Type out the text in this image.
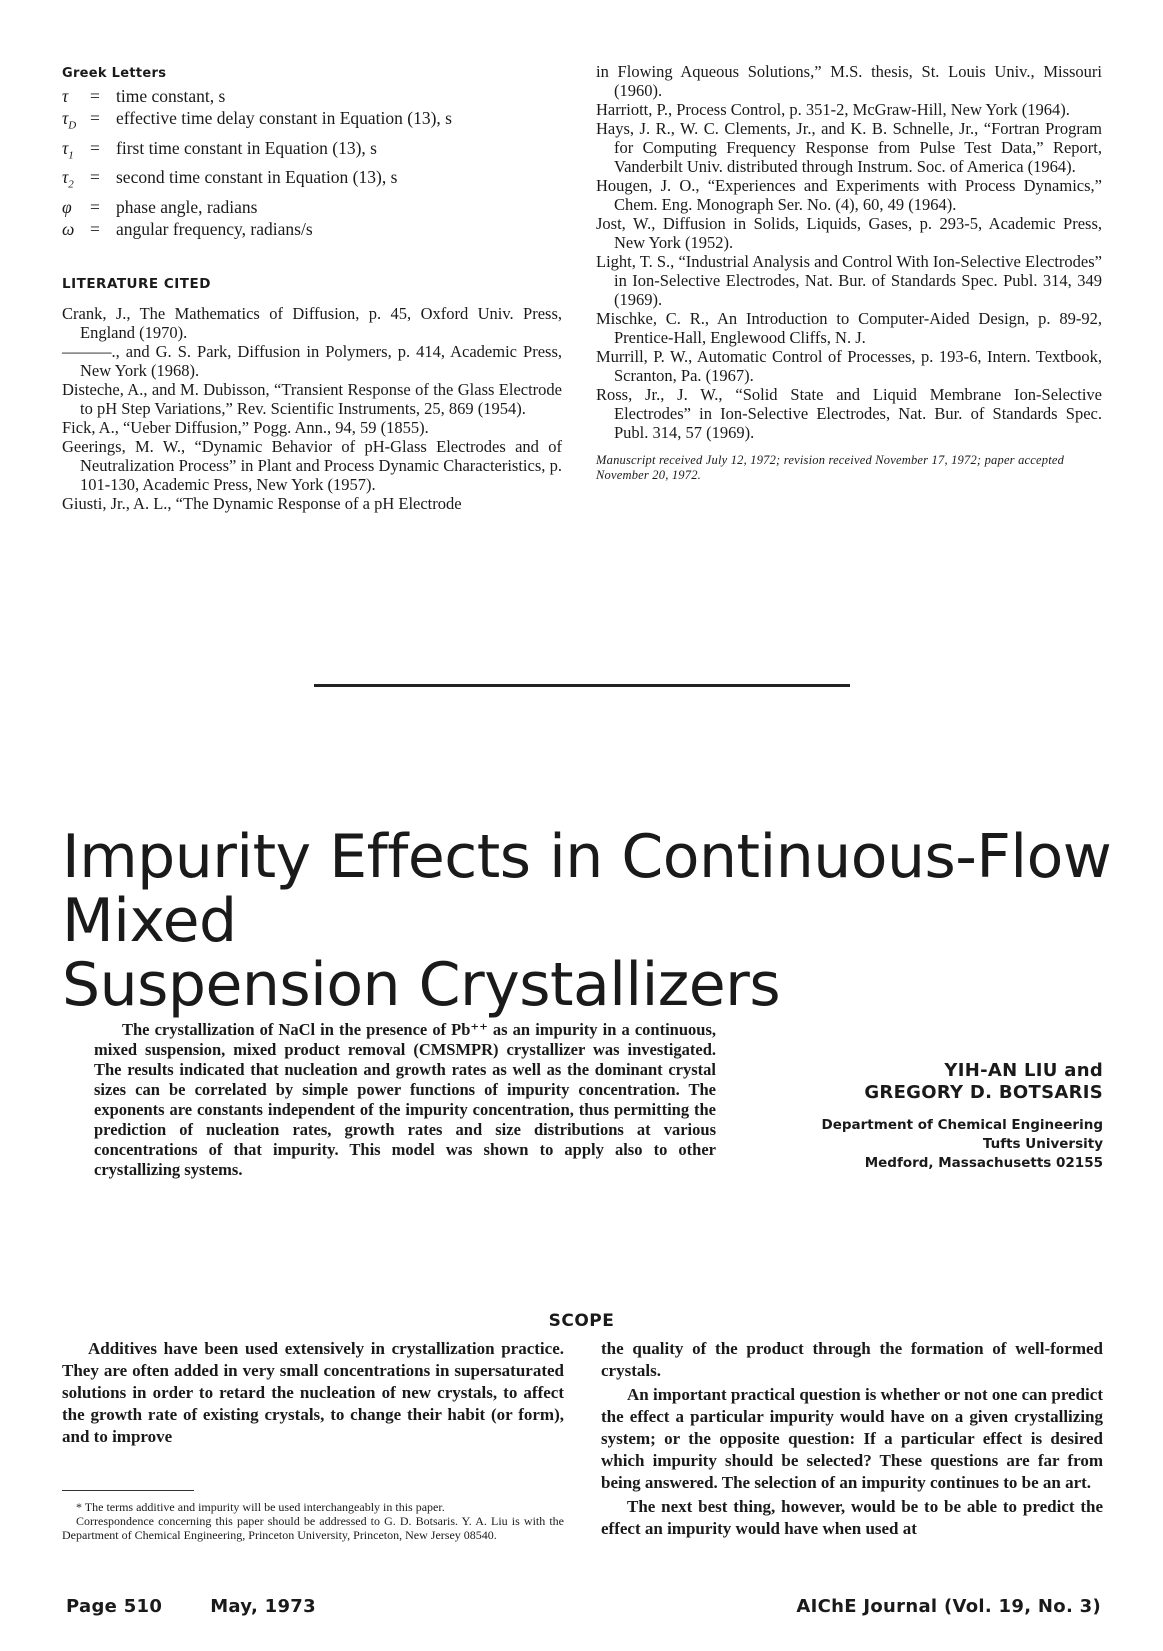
Greek Letters
τ	= time constant, s
$\tau_D$ = effective time delay constant in Equation (13), s
$\tau_1$ = first time constant in Equation (13), s
$\tau_2$ = second time constant in Equation (13), s
φ	= phase angle, radians
ω = angular frequency, radians/s
LITERATURE CITED

Crank, J., The Mathematics of Diffusion, p. 45, Oxford Univ. Press, England (1970).

———., and G. S. Park, Diffusion in Polymers, p. 414, Academic Press, New York (1968).

Disteche, A., and M. Dubisson, “Transient Response of the Glass Electrode to pH Step Variations,” Rev. Scientific Instruments, 25, 869 (1954).

Fick, A., “Ueber Diffusion,” Pogg. Ann., 94, 59 (1855).

Geerings, M. W., “Dynamic Behavior of pH-Glass Electrodes and of Neutralization Process” in Plant and Process Dynamic Characteristics, p. 101-130, Academic Press, New York (1957).

Giusti, Jr., A. L., “The Dynamic Response of a pH Electrode

in Flowing Aqueous Solutions,” M.S. thesis, St. Louis Univ., Missouri (1960).

Harriott, P., Process Control, p. 351-2, McGraw-Hill, New York (1964).

Hays, J. R., W. C. Clements, Jr., and K. B. Schnelle, Jr., “Fortran Program for Computing Frequency Response from Pulse Test Data,” Report, Vanderbilt Univ. distributed through Instrum. Soc. of America (1964).

Hougen, J. O., “Experiences and Experiments with Process Dynamics,” Chem. Eng. Monograph Ser. No. (4), 60, 49 (1964).

Jost, W., Diffusion in Solids, Liquids, Gases, p. 293-5, Academic Press, New York (1952).

Light, T. S., “Industrial Analysis and Control With Ion-Selective Electrodes” in Ion-Selective Electrodes, Nat. Bur. of Standards Spec. Publ. 314, 349 (1969).

Mischke, C. R., An Introduction to Computer-Aided Design, p. 89-92, Prentice-Hall, Englewood Cliffs, N. J.

Murrill, P. W., Automatic Control of Processes, p. 193-6, Intern. Textbook, Scranton, Pa. (1967).

Ross, Jr., J. W., “Solid State and Liquid Membrane Ion-Selective Electrodes” in Ion-Selective Electrodes, Nat. Bur. of Standards Spec. Publ. 314, 57 (1969).

Manuscript received July 12, 1972; revision received November 17, 1972; paper accepted November 20, 1972.
Impurity Effects in Continuous-Flow Mixed
Suspension Crystallizers

The crystallization of NaCl in the presence of Pb⁺⁺ as an impurity in a continuous, mixed suspension, mixed product removal (CMSMPR) crystallizer was investigated. The results indicated that nucleation and growth rates as well as the dominant crystal sizes can be correlated by simple power functions of impurity concentration. The exponents are constants independent of the impurity concentration, thus permitting the prediction of nucleation rates, growth rates and size distributions at various concentrations of that impurity. This model was shown to apply also to other crystallizing systems.

YIH-AN LIU and
GREGORY D. BOTSARIS
Department of Chemical Engineering
Tufts University
Medford, Massachusetts 02155
SCOPE

Additives have been used extensively in crystallization practice. They are often added in very small concentrations in supersaturated solutions in order to retard the nucleation of new crystals, to affect the growth rate of existing crystals, to change their habit (or form), and to improve

the quality of the product through the formation of well-formed crystals.

An important practical question is whether or not one can predict the effect a particular impurity would have on a given crystallizing system; or the opposite question: If a particular effect is desired which impurity should be selected? These questions are far from being answered. The selection of an impurity continues to be an art.

The next best thing, however, would be to be able to predict the effect an impurity would have when used at

* The terms additive and impurity will be used interchangeably in this paper.

Correspondence concerning this paper should be addressed to G. D. Botsaris. Y. A. Liu is with the Department of Chemical Engineering, Princeton University, Princeton, New Jersey 08540.

Page 510	May, 1973	AIChE Journal (Vol. 19, No. 3)
